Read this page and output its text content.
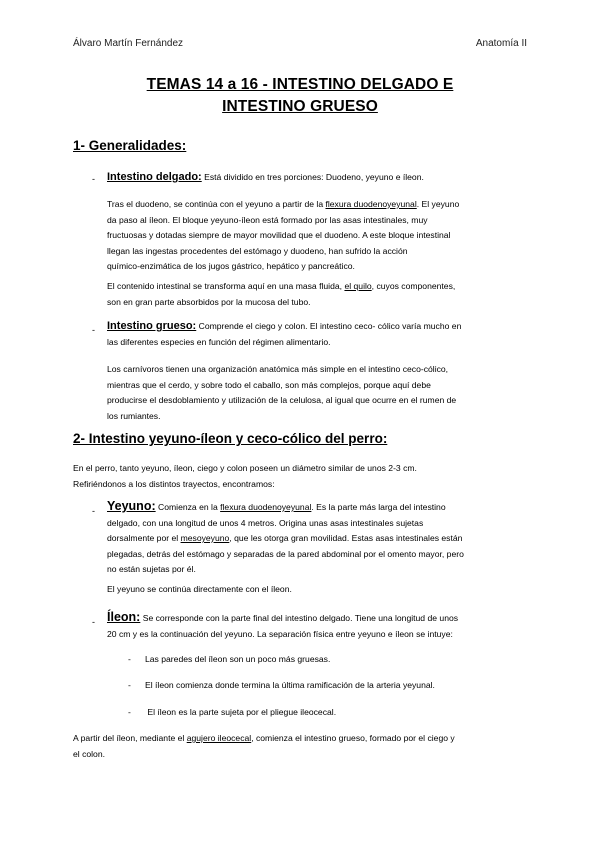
Álvaro Martín Fernández	Anatomía II
TEMAS 14 a 16 - INTESTINO DELGADO E
INTESTINO GRUESO
1- Generalidades:
- Intestino delgado: Está dividido en tres porciones: Duodeno, yeyuno e íleon.
Tras el duodeno, se continúa con el yeyuno a partir de la flexura duodenoyeyunal. El yeyuno
da paso al íleon. El bloque yeyuno-íleon está formado por las asas intestinales, muy
fructuosas y dotadas siempre de mayor movilidad que el duodeno. A este bloque intestinal
llegan las ingestas procedentes del estómago y duodeno, han sufrido la acción
químico-enzimática de los jugos gástrico, hepático y pancreático.
El contenido intestinal se transforma aquí en una masa fluida, el quilo, cuyos componentes,
son en gran parte absorbidos por la mucosa del tubo.
- Intestino grueso: Comprende el ciego y colon. El intestino ceco- cólico varía mucho en
las diferentes especies en función del régimen alimentario.
Los carnívoros tienen una organización anatómica más simple en el intestino ceco-cólico,
mientras que el cerdo, y sobre todo el caballo, son más complejos, porque aquí debe
producirse el desdoblamiento y utilización de la celulosa, al igual que ocurre en el rumen de
los rumiantes.
2- Intestino yeyuno-íleon y ceco-cólico del perro:
En el perro, tanto yeyuno, íleon, ciego y colon poseen un diámetro similar de unos 2-3 cm.
Refiriéndonos a los distintos trayectos, encontramos:
- Yeyuno: Comienza en la flexura duodenoyeyunal. Es la parte más larga del intestino
delgado, con una longitud de unos 4 metros. Origina unas asas intestinales sujetas
dorsalmente por el mesoyeyuno, que les otorga gran movilidad. Estas asas intestinales están
plegadas, detrás del estómago y separadas de la pared abdominal por el omento mayor, pero
no están sujetas por él.
El yeyuno se continúa directamente con el íleon.
- Íleon: Se corresponde con la parte final del intestino delgado. Tiene una longitud de unos
20 cm y es la continuación del yeyuno. La separación física entre yeyuno e íleon se intuye:
- Las paredes del íleon son un poco más gruesas.
- El íleon comienza donde termina la última ramificación de la arteria yeyunal.
- El íleon es la parte sujeta por el pliegue ileocecal.
A partir del íleon, mediante el agujero ileocecal, comienza el intestino grueso, formado por el ciego y
el colon.
